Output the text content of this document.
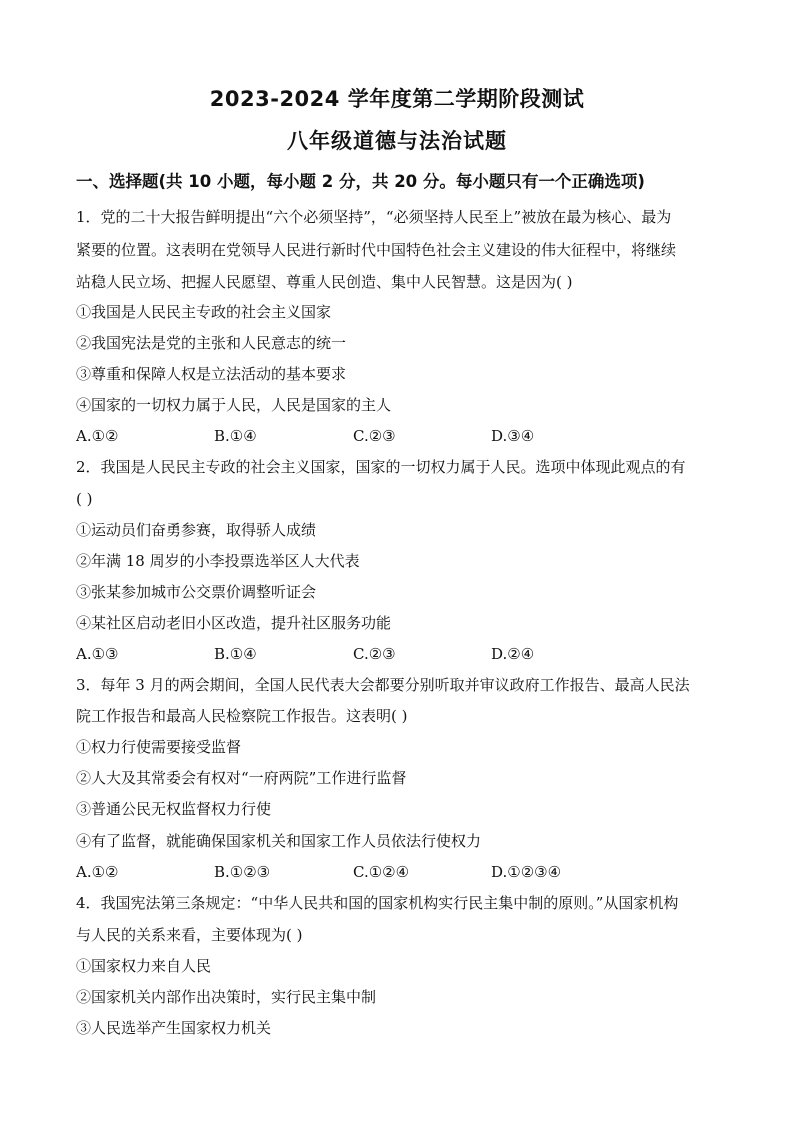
2023-2024 学年度第二学期阶段测试
八年级道德与法治试题
一、选择题(共 10 小题，每小题 2 分，共 20 分。每小题只有一个正确选项)
1．党的二十大报告鲜明提出“六个必须坚持”，“必须坚持人民至上”被放在最为核心、最为
紧要的位置。这表明在党领导人民进行新时代中国特色社会主义建设的伟大征程中，将继续
站稳人民立场、把握人民愿望、尊重人民创造、集中人民智慧。这是因为( )
①我国是人民民主专政的社会主义国家
②我国宪法是党的主张和人民意志的统一
③尊重和保障人权是立法活动的基本要求
④国家的一切权力属于人民，人民是国家的主人
A.①②	B.①④	C.②③	D.③④
2．我国是人民民主专政的社会主义国家，国家的一切权力属于人民。选项中体现此观点的有
( )
①运动员们奋勇参赛，取得骄人成绩
②年满 18 周岁的小李投票选举区人大代表
③张某参加城市公交票价调整听证会
④某社区启动老旧小区改造，提升社区服务功能
A.①③	B.①④	C.②③	D.②④
3．每年 3 月的两会期间，全国人民代表大会都要分别听取并审议政府工作报告、最高人民法
院工作报告和最高人民检察院工作报告。这表明( )
①权力行使需要接受监督
②人大及其常委会有权对“一府两院”工作进行监督
③普通公民无权监督权力行使
④有了监督，就能确保国家机关和国家工作人员依法行使权力
A.①②	B.①②③	C.①②④	D.①②③④
4．我国宪法第三条规定：“中华人民共和国的国家机构实行民主集中制的原则。”从国家机构
与人民的关系来看，主要体现为( )
①国家权力来自人民
②国家机关内部作出决策时，实行民主集中制
③人民选举产生国家权力机关
